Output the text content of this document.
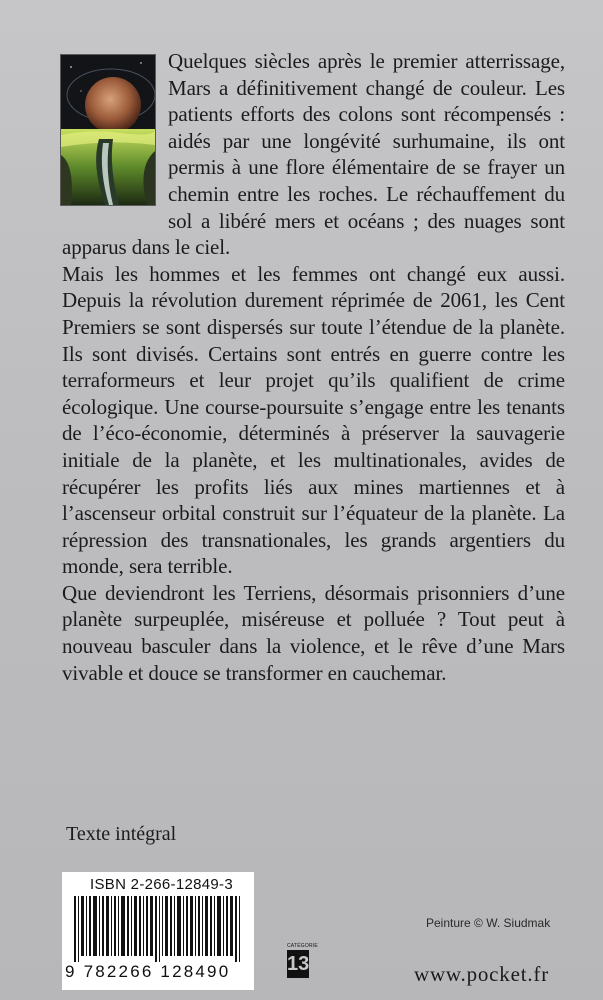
Quelques siècles après le premier atterrissage, Mars a définitivement changé de couleur. Les patients efforts des colons sont récompensés : aidés par une longévité surhumaine, ils ont permis à une flore élémentaire de se frayer un chemin entre les roches. Le réchauffement du sol a libéré mers et océans ; des nuages sont apparus dans le ciel.

Mais les hommes et les femmes ont changé eux aussi. Depuis la révolution durement réprimée de 2061, les Cent Premiers se sont dispersés sur toute l’étendue de la planète. Ils sont divisés. Certains sont entrés en guerre contre les terraformeurs et leur projet qu’ils qualifient de crime écologique. Une course-poursuite s’engage entre les tenants de l’éco-économie, déterminés à préserver la sauvagerie initiale de la planète, et les multinationales, avides de récupérer les profits liés aux mines martiennes et à l’ascenseur orbital construit sur l’équateur de la planète. La répression des transnationales, les grands argentiers du monde, sera terrible.

Que deviendront les Terriens, désormais prisonniers d’une planète surpeuplée, miséreuse et polluée ? Tout peut à nouveau basculer dans la violence, et le rêve d’une Mars vivable et douce se transformer en cauchemar.

Texte intégral
ISBN 2-266-12849-3
9 782266 128490
Peinture © W. Siudmak
CATÉGORIE
13	www.pocket.fr
